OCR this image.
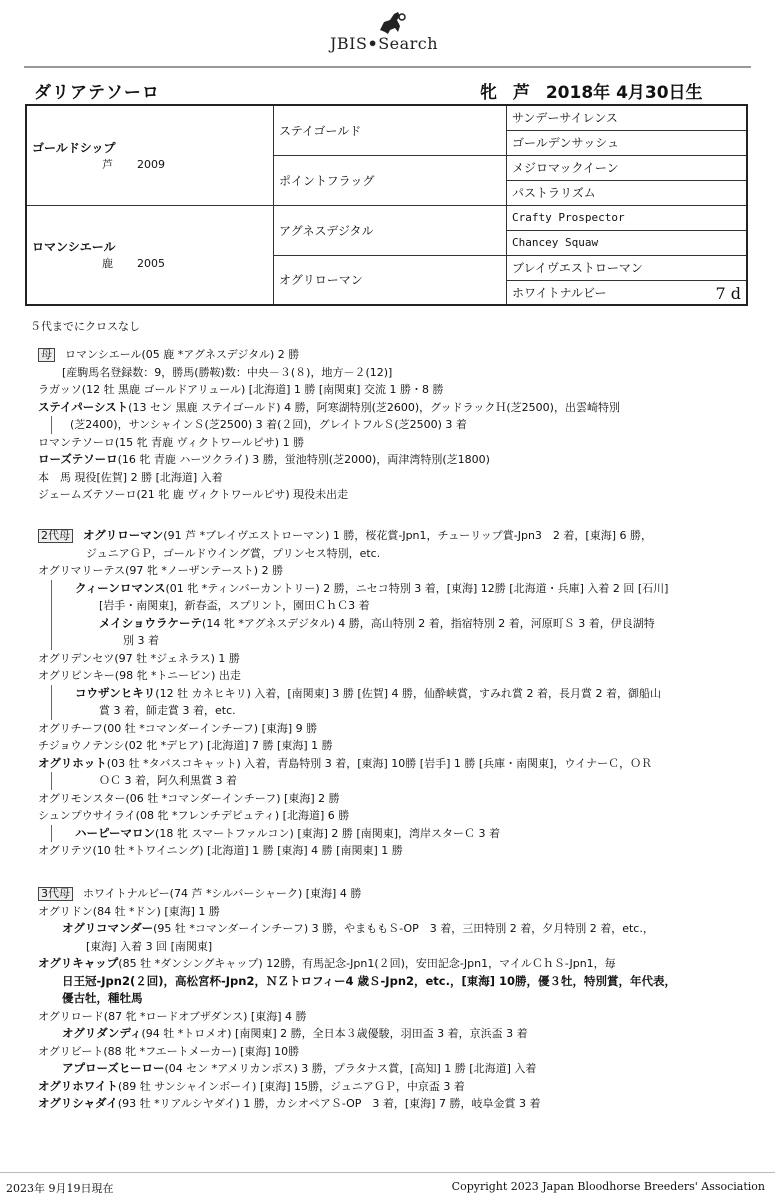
JBIS•Search
ダリアテソーロ	牝 芦 2018年 4月30日生
ゴールドシップ
芦 2009	ステイゴールド	サンデーサイレンス
		ゴールデンサッシュ
	ポイントフラッグ	メジロマックイーン
		パストラリズム

ロマンシエール
鹿 2005	アグネスデジタル	Crafty Prospector
		Chancey Squaw
	オグリローマン	ブレイヴエストローマン
		ホワイトナルビー 7 d
５代までにクロスなし
母 ロマンシエール(05 鹿 *アグネスデジタル) 2 勝
[産駒馬名登録数：9，勝馬(勝鞍)数：中央－３(８)，地方－２(12)]
ラガッソ(12 牡 黒鹿 ゴールドアリュール) [北海道] 1 勝 [南関東] 交流 1 勝・8 勝
ステイパーシスト(13 セン 黒鹿 ステイゴールド) 4 勝，阿寒湖特別(芝2600)，グッドラックＨ(芝2500)，出雲崎特別
(芝2400)，サンシャインＳ(芝2500) 3 着(２回)，グレイトフルＳ(芝2500) 3 着
ロマンテソーロ(15 牝 青鹿 ヴィクトワールピサ) 1 勝
ローズテソーロ(16 牝 青鹿 ハーツクライ) 3 勝，蛍池特別(芝2000)，両津湾特別(芝1800)
本　馬 現役[佐賀] 2 勝 [北海道] 入着
ジェームズテソーロ(21 牝 鹿 ヴィクトワールピサ) 現役未出走
2代母 オグリローマン(91 芦 *ブレイヴエストローマン) 1 勝，桜花賞-Jpn1，チューリップ賞-Jpn3　2 着，[東海] 6 勝，
ジュニアＧＰ，ゴールドウイング賞，プリンセス特別，etc.
オグリマリーテス(97 牝 *ノーザンテースト) 2 勝
クィーンロマンス(01 牝 *ティンバーカントリー) 2 勝，ニセコ特別 3 着，[東海] 12勝 [北海道・兵庫] 入着 2 回 [石川]
[岩手・南関東]，新春盃，スプリント，園田ＣｈＣ3 着
メイショウラケーテ(14 牝 *アグネスデジタル) 4 勝，高山特別 2 着，指宿特別 2 着，河原町Ｓ 3 着，伊良湖特
別 3 着
オグリデンセツ(97 牡 *ジェネラス) 1 勝
オグリピンキー(98 牝 *トニービン) 出走
コウザンヒキリ(12 牡 カネヒキリ) 入着，[南関東] 3 勝 [佐賀] 4 勝，仙酔峡賞，すみれ賞 2 着，長月賞 2 着，御船山
賞 3 着，師走賞 3 着，etc.
オグリチーフ(00 牡 *コマンダーインチーフ) [東海] 9 勝
チジョウノテンシ(02 牝 *デヒア) [北海道] 7 勝 [東海] 1 勝
オグリホット(03 牡 *タバスコキャット) 入着，青島特別 3 着，[東海] 10勝 [岩手] 1 勝 [兵庫・南関東]，ウイナーＣ，ＯＲ
ＯＣ 3 着，阿久利黒賞 3 着
オグリモンスター(06 牡 *コマンダーインチーフ) [東海] 2 勝
シュンプウサイライ(08 牝 *フレンチデピュティ) [北海道] 6 勝
ハーピーマロン(18 牝 スマートファルコン) [東海] 2 勝 [南関東]，湾岸スターＣ 3 着
オグリテツ(10 牡 *トワイニング) [北海道] 1 勝 [東海] 4 勝 [南関東] 1 勝
3代母 ホワイトナルビー(74 芦 *シルバーシャーク) [東海] 4 勝
オグリドン(84 牡 *ドン) [東海] 1 勝
オグリコマンダー(95 牡 *コマンダーインチーフ) 3 勝，やまももＳ-OP　3 着，三田特別 2 着，夕月特別 2 着，etc.，
[東海] 入着 3 回 [南関東]
オグリキャップ(85 牡 *ダンシングキャップ) 12勝，有馬記念-Jpn1(２回)，安田記念-Jpn1，マイルＣｈＳ-Jpn1，毎
日王冠-Jpn2(２回)，高松宮杯-Jpn2，ＮＺトロフィー4 歳Ｓ-Jpn2，etc.，[東海] 10勝，優３牡，特別賞，年代表，
優古牡，種牡馬
オグリロード(87 牝 *ロードオブザダンス) [東海] 4 勝
オグリダンディ(94 牡 *トロメオ) [南関東] 2 勝，全日本３歳優駿，羽田盃 3 着，京浜盃 3 着
オグリビート(88 牝 *フエートメーカー) [東海] 10勝
アプローズヒーロー(04 セン *アメリカンポス) 3 勝，プラタナス賞，[高知] 1 勝 [北海道] 入着
オグリホワイト(89 牡 サンシャインボーイ) [東海] 15勝，ジュニアＧＰ，中京盃 3 着
オグリシャダイ(93 牡 *リアルシヤダイ) 1 勝，カシオペアＳ-OP　3 着，[東海] 7 勝，岐阜金賞 3 着
2023年 9月19日現在	Copyright 2023 Japan Bloodhorse Breeders' Association
